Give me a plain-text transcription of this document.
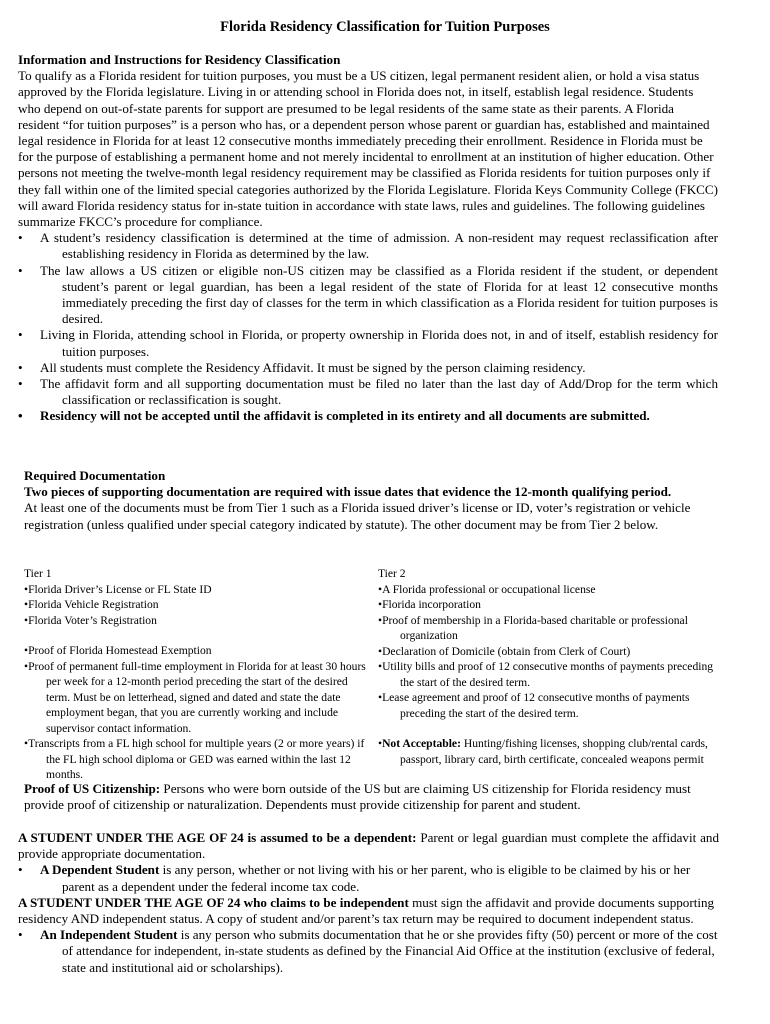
Florida Residency Classification for Tuition Purposes
Information and Instructions for Residency Classification
To qualify as a Florida resident for tuition purposes, you must be a US citizen, legal permanent resident alien, or hold a visa status approved by the Florida legislature. Living in or attending school in Florida does not, in itself, establish legal residence. Students who depend on out-of-state parents for support are presumed to be legal residents of the same state as their parents. A Florida resident “for tuition purposes” is a person who has, or a dependent person whose parent or guardian has, established and maintained legal residence in Florida for at least 12 consecutive months immediately preceding their enrollment. Residence in Florida must be for the purpose of establishing a permanent home and not merely incidental to enrollment at an institution of higher education. Other persons not meeting the twelve-month legal residency requirement may be classified as Florida residents for tuition purposes only if they fall within one of the limited special categories authorized by the Florida Legislature. Florida Keys Community College (FKCC) will award Florida residency status for in-state tuition in accordance with state laws, rules and guidelines. The following guidelines summarize FKCC’s procedure for compliance.
• A student’s residency classification is determined at the time of admission. A non-resident may request reclassification after establishing residency in Florida as determined by the law.
• The law allows a US citizen or eligible non-US citizen may be classified as a Florida resident if the student, or dependent student’s parent or legal guardian, has been a legal resident of the state of Florida for at least 12 consecutive months immediately preceding the first day of classes for the term in which classification as a Florida resident for tuition purposes is desired.
• Living in Florida, attending school in Florida, or property ownership in Florida does not, in and of itself, establish residency for tuition purposes.
• All students must complete the Residency Affidavit. It must be signed by the person claiming residency.
• The affidavit form and all supporting documentation must be filed no later than the last day of Add/Drop for the term which classification or reclassification is sought.
• Residency will not be accepted until the affidavit is completed in its entirety and all documents are submitted.
Required Documentation
Two pieces of supporting documentation are required with issue dates that evidence the 12-month qualifying period.
At least one of the documents must be from Tier 1 such as a Florida issued driver’s license or ID, voter’s registration or vehicle registration (unless qualified under special category indicated by statute). The other document may be from Tier 2 below.
Tier 1
• Florida Driver’s License or FL State ID
• Florida Vehicle Registration
• Florida Voter’s Registration
• Proof of Florida Homestead Exemption
• Proof of permanent full-time employment in Florida for at least 30 hours per week for a 12-month period preceding the start of the desired term. Must be on letterhead, signed and dated and state the date employment began, that you are currently working and include supervisor contact information.
• Transcripts from a FL high school for multiple years (2 or more years) if the FL high school diploma or GED was earned within the last 12 months.
Tier 2
• A Florida professional or occupational license
• Florida incorporation
• Proof of membership in a Florida-based charitable or professional organization
• Declaration of Domicile (obtain from Clerk of Court)
• Utility bills and proof of 12 consecutive months of payments preceding the start of the desired term.
• Lease agreement and proof of 12 consecutive months of payments preceding the start of the desired term.
• Not Acceptable: Hunting/fishing licenses, shopping club/rental cards, passport, library card, birth certificate, concealed weapons permit
Proof of US Citizenship: Persons who were born outside of the US but are claiming US citizenship for Florida residency must provide proof of citizenship or naturalization. Dependents must provide citizenship for parent and student.
A STUDENT UNDER THE AGE OF 24 is assumed to be a dependent: Parent or legal guardian must complete the affidavit and provide appropriate documentation.
• A Dependent Student is any person, whether or not living with his or her parent, who is eligible to be claimed by his or her parent as a dependent under the federal income tax code.
A STUDENT UNDER THE AGE OF 24 who claims to be independent must sign the affidavit and provide documents supporting residency AND independent status. A copy of student and/or parent’s tax return may be required to document independent status.
• An Independent Student is any person who submits documentation that he or she provides fifty (50) percent or more of the cost of attendance for independent, in-state students as defined by the Financial Aid Office at the institution (exclusive of federal, state and institutional aid or scholarships).
